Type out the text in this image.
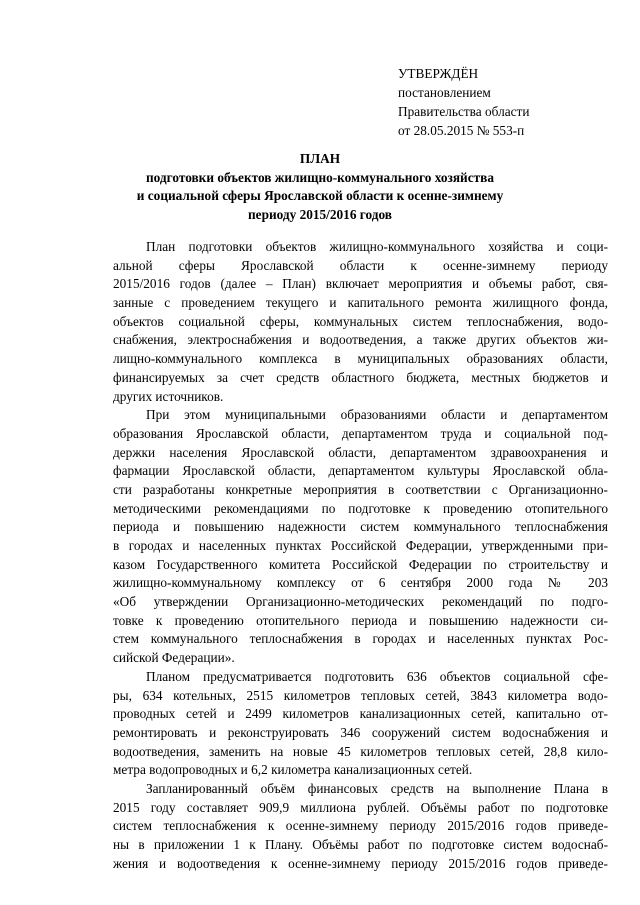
УТВЕРЖДЁН
постановлением
Правительства области
от 28.05.2015 № 553-п
ПЛАН
подготовки объектов жилищно-коммунального хозяйства
и социальной сферы Ярославской области к осенне-зимнему
периоду 2015/2016 годов
План подготовки объектов жилищно-коммунального хозяйства и соци-
альной сферы Ярославской области к осенне-зимнему периоду
2015/2016 годов (далее – План) включает мероприятия и объемы работ, свя-
занные с проведением текущего и капитального ремонта жилищного фонда,
объектов социальной сферы, коммунальных систем теплоснабжения, водо-
снабжения, электроснабжения и водоотведения, а также других объектов жи-
лищно-коммунального комплекса в муниципальных образованиях области,
финансируемых за счет средств областного бюджета, местных бюджетов и
других источников.
При этом муниципальными образованиями области и департаментом
образования Ярославской области, департаментом труда и социальной под-
держки населения Ярославской области, департаментом здравоохранения и
фармации Ярославской области, департаментом культуры Ярославской обла-
сти разработаны конкретные мероприятия в соответствии с Организационно-
методическими рекомендациями по подготовке к проведению отопительного
периода и повышению надежности систем коммунального теплоснабжения
в городах и населенных пунктах Российской Федерации, утвержденными при-
казом Государственного комитета Российской Федерации по строительству и
жилищно-коммунальному комплексу от 6 сентября 2000 года № 203
«Об утверждении Организационно-методических рекомендаций по подго-
товке к проведению отопительного периода и повышению надежности си-
стем коммунального теплоснабжения в городах и населенных пунктах Рос-
сийской Федерации».
Планом предусматривается подготовить 636 объектов социальной сфе-
ры, 634 котельных, 2515 километров тепловых сетей, 3843 километра водо-
проводных сетей и 2499 километров канализационных сетей, капитально от-
ремонтировать и реконструировать 346 сооружений систем водоснабжения и
водоотведения, заменить на новые 45 километров тепловых сетей, 28,8 кило-
метра водопроводных и 6,2 километра канализационных сетей.
Запланированный объём финансовых средств на выполнение Плана в
2015 году составляет 909,9 миллиона рублей. Объёмы работ по подготовке
систем теплоснабжения к осенне-зимнему периоду 2015/2016 годов приведе-
ны в приложении 1 к Плану. Объёмы работ по подготовке систем водоснаб-
жения и водоотведения к осенне-зимнему периоду 2015/2016 годов приведе-
